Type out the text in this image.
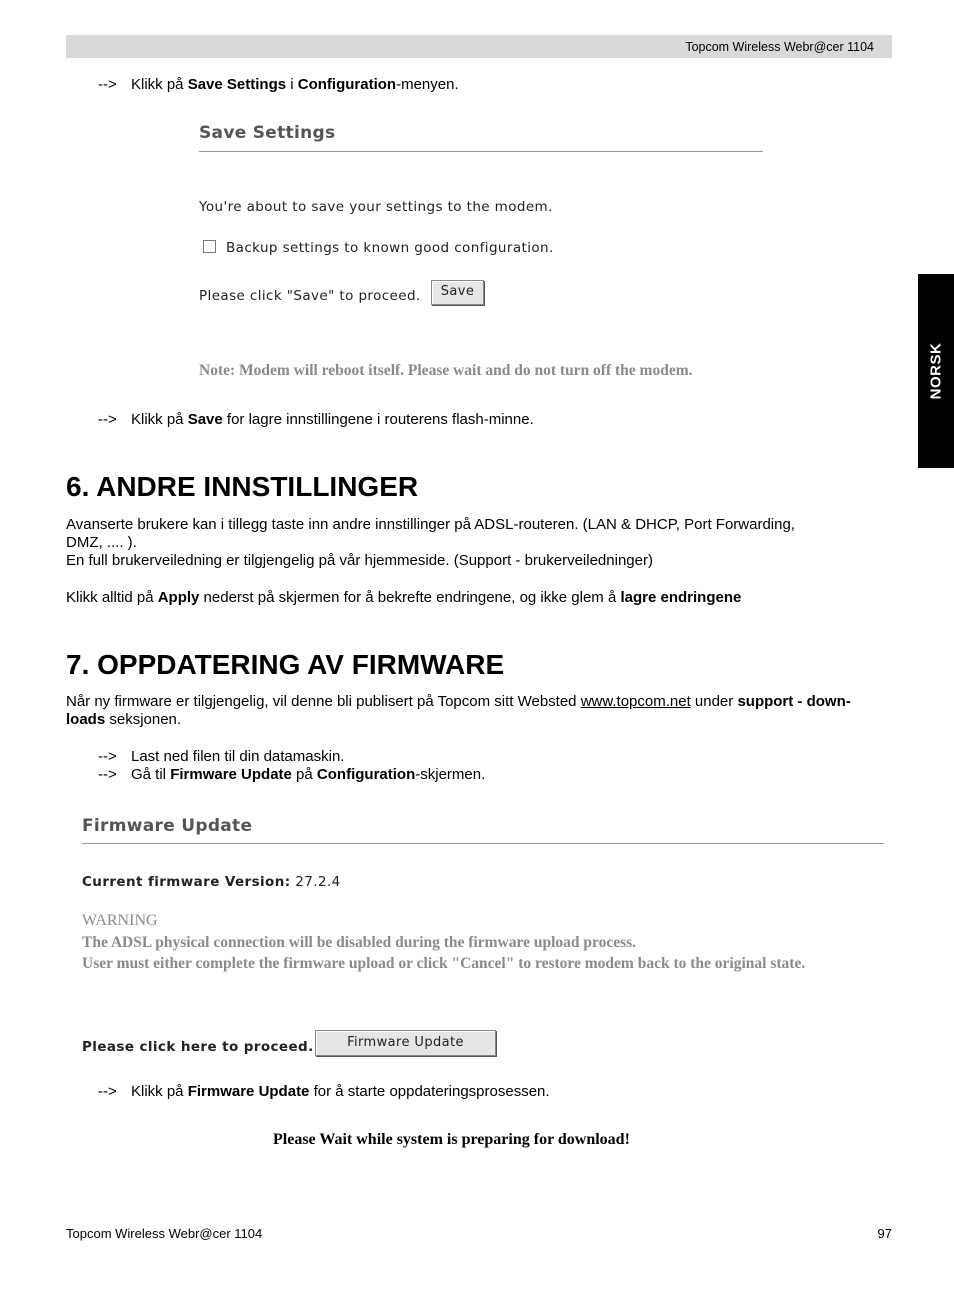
Topcom Wireless Webr@cer 1104
NORSK
--> Klikk på Save Settings i Configuration-menyen.
Save Settings
You're about to save your settings to the modem.
Backup settings to known good configuration.
Please click "Save" to proceed.	Save
Note: Modem will reboot itself. Please wait and do not turn off the modem.
--> Klikk på Save for lagre innstillingene i routerens flash-minne.
6. ANDRE INNSTILLINGER
Avanserte brukere kan i tillegg taste inn andre innstillinger på ADSL-routeren. (LAN & DHCP, Port Forwarding,
DMZ, .... ).
En full brukerveiledning er tilgjengelig på vår hjemmeside. (Support - brukerveiledninger)
Klikk alltid på Apply nederst på skjermen for å bekrefte endringene, og ikke glem å lagre endringene
7. OPPDATERING AV FIRMWARE
Når ny firmware er tilgjengelig, vil denne bli publisert på Topcom sitt Websted www.topcom.net under support - down-
loads seksjonen.
--> Last ned filen til din datamaskin.
--> Gå til Firmware Update på Configuration-skjermen.
Firmware Update
Current firmware Version: 27.2.4
WARNING
The ADSL physical connection will be disabled during the firmware upload process.
User must either complete the firmware upload or click "Cancel" to restore modem back to the original state.
Please click here to proceed.	Firmware Update
--> Klikk på Firmware Update for å starte oppdateringsprosessen.
Please Wait while system is preparing for download!
Topcom Wireless Webr@cer 1104	97
